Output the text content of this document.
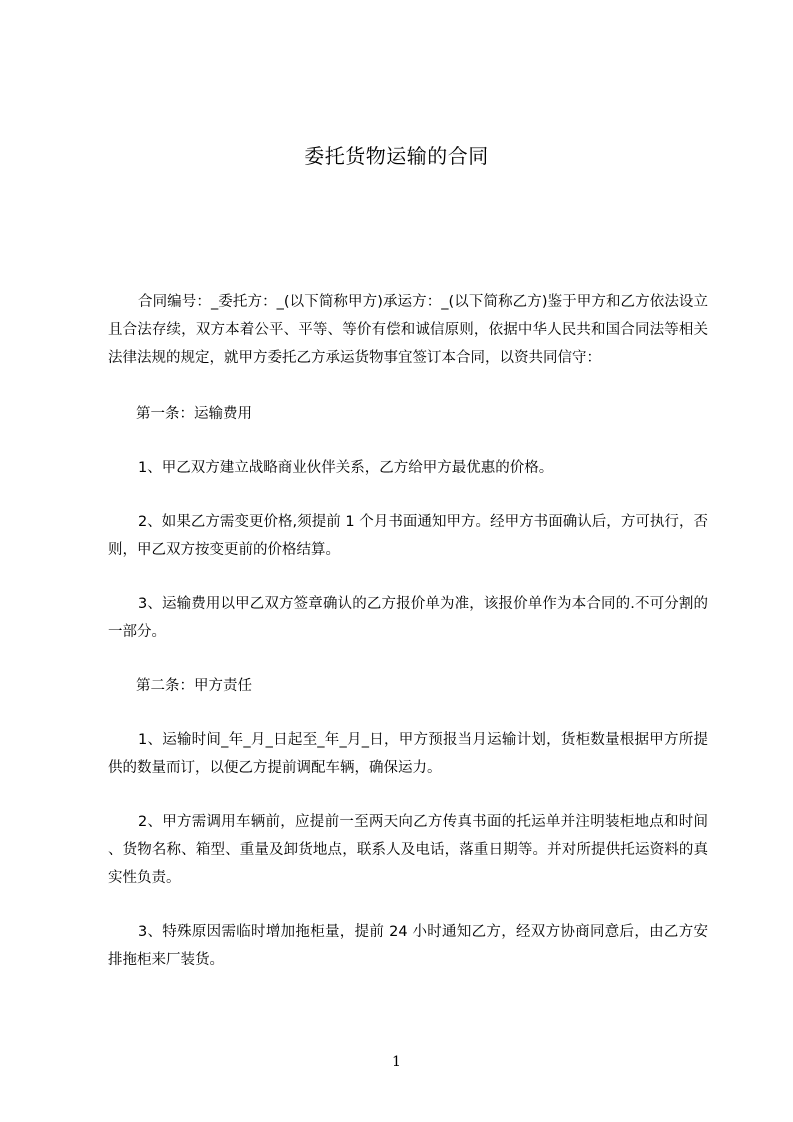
委托货物运输的合同

合同编号：_委托方：_(以下简称甲方)承运方：_(以下简称乙方)鉴于甲方和乙方依法设立且合法存续，双方本着公平、平等、等价有偿和诚信原则，依据中华人民共和国合同法等相关法律法规的规定，就甲方委托乙方承运货物事宜签订本合同，以资共同信守：

第一条：运输费用

1、甲乙双方建立战略商业伙伴关系，乙方给甲方最优惠的价格。

2、如果乙方需变更价格,须提前 1 个月书面通知甲方。经甲方书面确认后，方可执行，否则，甲乙双方按变更前的价格结算。

3、运输费用以甲乙双方签章确认的乙方报价单为准，该报价单作为本合同的.不可分割的一部分。

第二条：甲方责任

1、运输时间_年_月_日起至_年_月_日，甲方预报当月运输计划，货柜数量根据甲方所提供的数量而订，以便乙方提前调配车辆，确保运力。

2、甲方需调用车辆前，应提前一至两天向乙方传真书面的托运单并注明装柜地点和时间、货物名称、箱型、重量及卸货地点，联系人及电话，落重日期等。并对所提供托运资料的真实性负责。

3、特殊原因需临时增加拖柜量，提前 24 小时通知乙方，经双方协商同意后，由乙方安排拖柜来厂装货。

1
